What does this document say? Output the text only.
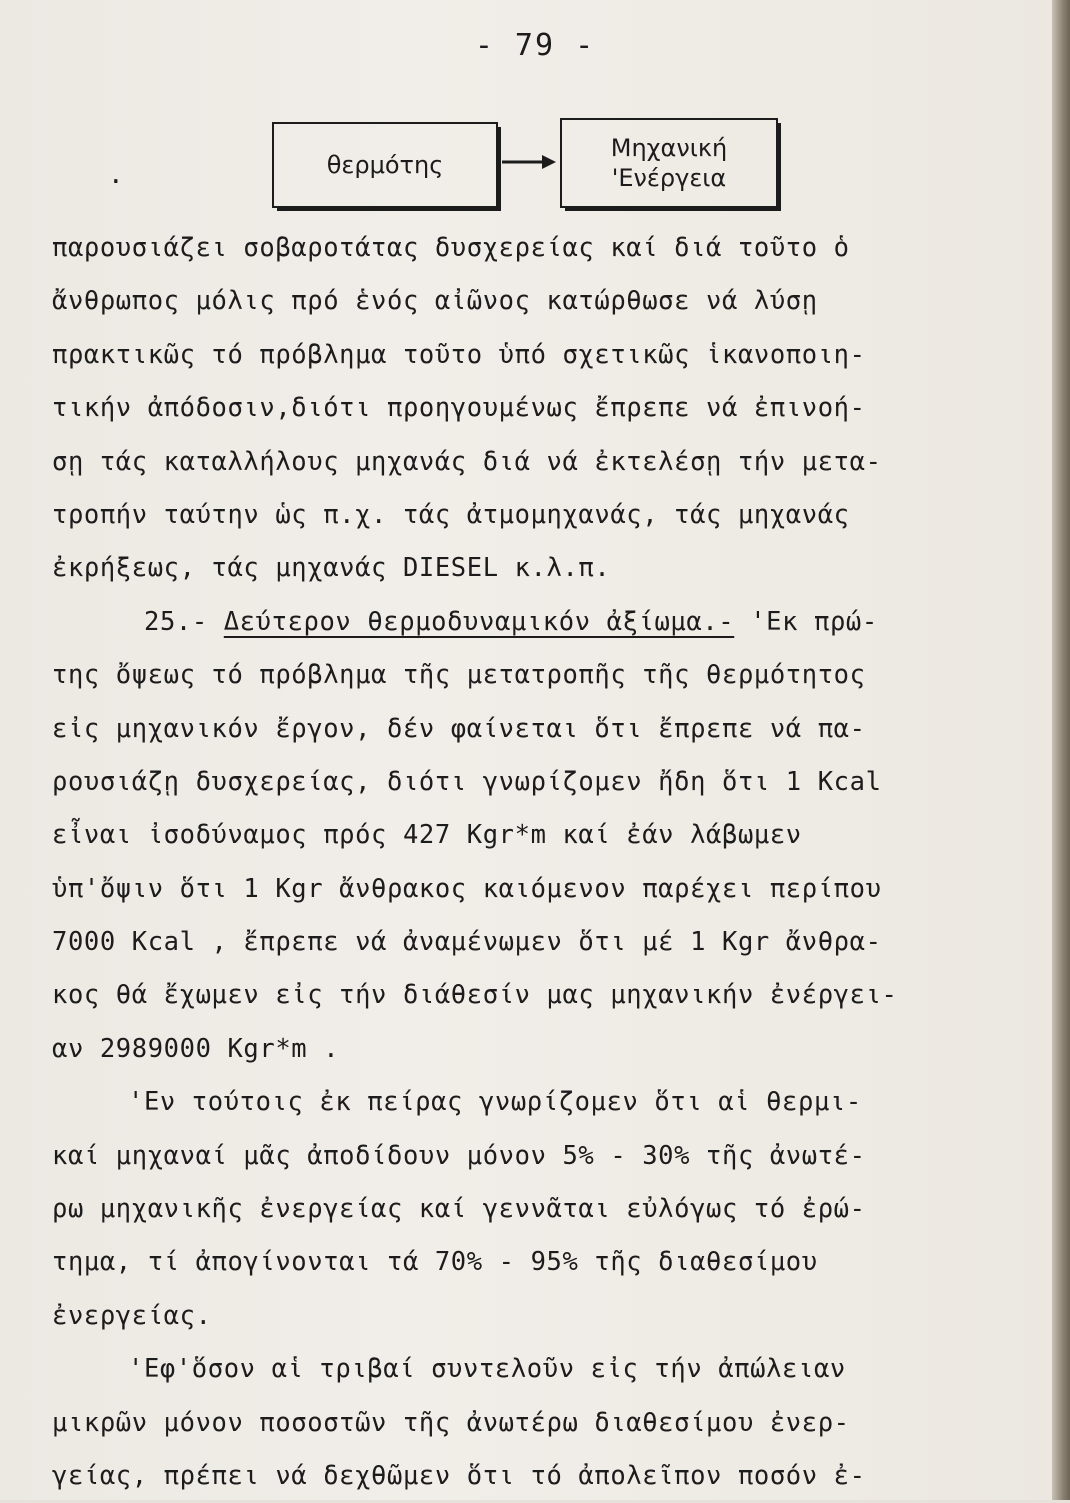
- 79 -
.	θερμότης
Μηχανική
'Ενέργεια
παρουσιάζει σοβαροτάτας δυσχερείας καί διά τοῦτο ὁ
ἄνθρωπος μόλις πρό ἑνός αἰῶνος κατώρθωσε νά λύσῃ
πρακτικῶς τό πρόβλημα τοῦτο ὑπό σχετικῶς ἱκανοποιη-
τικήν ἀπόδοσιν,διότι προηγουμένως ἔπρεπε νά ἐπινοή-
σῃ τάς καταλλήλους μηχανάς διά νά ἐκτελέσῃ τήν μετα-
τροπήν ταύτην ὡς π.χ. τάς ἀτμομηχανάς, τάς μηχανάς
ἐκρήξεως, τάς μηχανάς DIESEL κ.λ.π.
25.- Δεύτερον θερμοδυναμικόν ἀξίωμα.- 'Εκ πρώ-
της ὄψεως τό πρόβλημα τῆς μετατροπῆς τῆς θερμότητος
εἰς μηχανικόν ἔργον, δέν φαίνεται ὅτι ἔπρεπε νά πα-
ρουσιάζῃ δυσχερείας, διότι γνωρίζομεν ἤδη ὅτι 1 Kcal
εἶναι ἰσοδύναμος πρός 427 Kgr*m καί ἐάν λάβωμεν
ὑπ'ὄψιν ὅτι 1 Kgr ἄνθρακος καιόμενον παρέχει περίπου
7000 Kcal , ἔπρεπε νά ἀναμένωμεν ὅτι μέ 1 Kgr ἄνθρα-
κος θά ἔχωμεν εἰς τήν διάθεσίν μας μηχανικήν ἐνέργει-
αν 2989000 Kgr*m .
'Εν τούτοις ἐκ πείρας γνωρίζομεν ὅτι αἱ θερμι-
καί μηχαναί μᾶς ἀποδίδουν μόνον 5% - 30% τῆς ἀνωτέ-
ρω μηχανικῆς ἐνεργείας καί γεννᾶται εὐλόγως τό ἐρώ-
τημα, τί ἀπογίνονται τά 70% - 95% τῆς διαθεσίμου
ἐνεργείας.
'Εφ'ὅσον αἱ τριβαί συντελοῦν εἰς τήν ἀπώλειαν
μικρῶν μόνον ποσοστῶν τῆς ἀνωτέρω διαθεσίμου ἐνερ-
γείας, πρέπει νά δεχθῶμεν ὅτι τό ἀπολεῖπον ποσόν ἐ-
